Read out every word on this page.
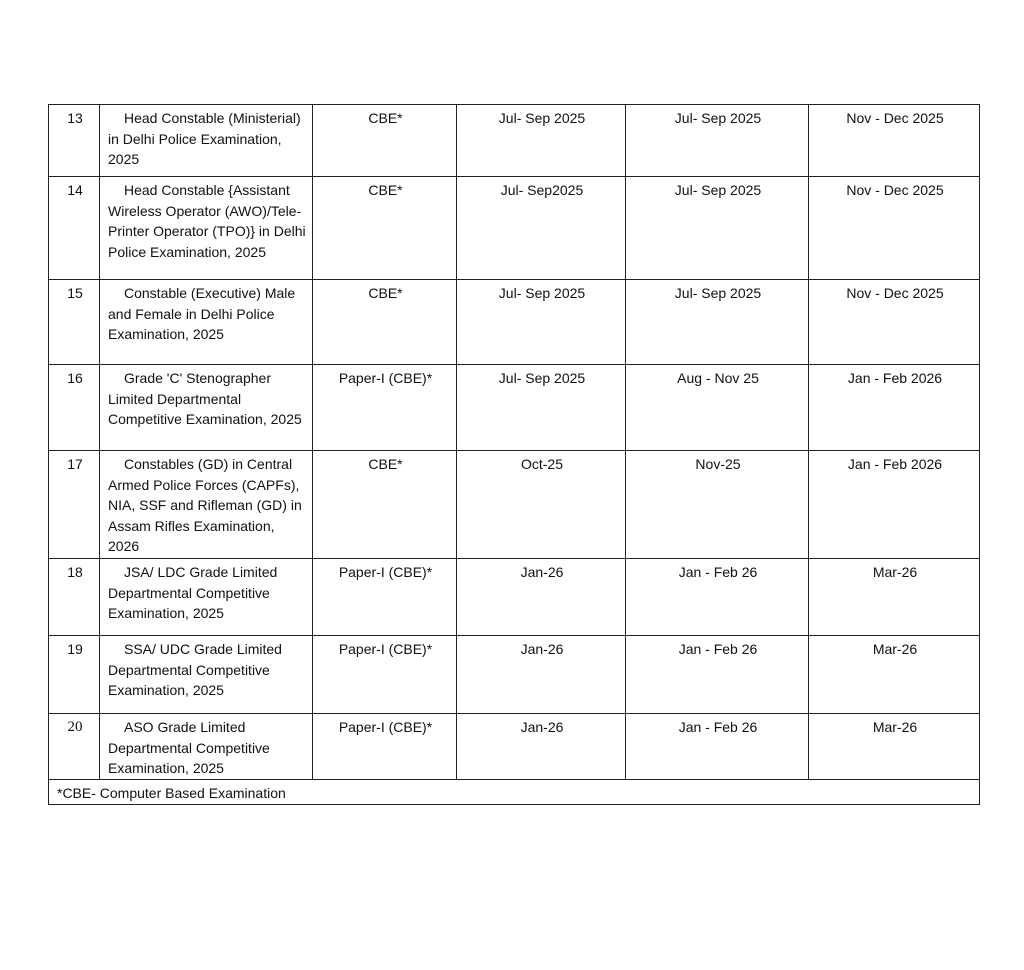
13	Head Constable (Ministerial) in Delhi Police Examination, 2025	CBE*	Jul- Sep 2025	Jul- Sep 2025	Nov - Dec 2025
14	Head Constable {Assistant Wireless Operator (AWO)/Tele-Printer Operator (TPO)} in Delhi Police Examination, 2025	CBE*	Jul- Sep2025	Jul- Sep 2025	Nov - Dec 2025
15	Constable (Executive) Male and Female in Delhi Police Examination, 2025	CBE*	Jul- Sep 2025	Jul- Sep 2025	Nov - Dec 2025
16	Grade 'C' Stenographer Limited Departmental Competitive Examination, 2025	Paper-I (CBE)*	Jul- Sep 2025	Aug - Nov 25	Jan - Feb 2026
17	Constables (GD) in Central Armed Police Forces (CAPFs), NIA, SSF and Rifleman (GD) in Assam Rifles Examination, 2026	CBE*	Oct-25	Nov-25	Jan - Feb 2026
18	JSA/ LDC Grade Limited Departmental Competitive Examination, 2025	Paper-I (CBE)*	Jan-26	Jan - Feb 26	Mar-26
19	SSA/ UDC Grade Limited Departmental Competitive Examination, 2025	Paper-I (CBE)*	Jan-26	Jan - Feb 26	Mar-26
20	ASO Grade Limited Departmental Competitive Examination, 2025	Paper-I (CBE)*	Jan-26	Jan - Feb 26	Mar-26
*CBE- Computer Based Examination					
